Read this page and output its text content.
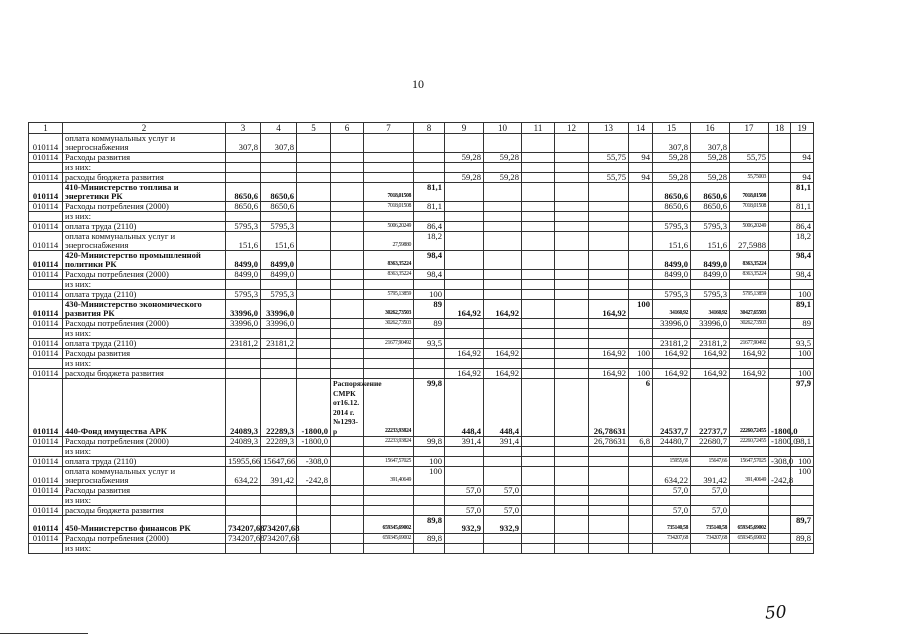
10
1	2	3	4	5	6	7	8	9	10	11	12	13	14	15	16	17	18	19
010114	оплата коммунальных услуг и энергоснабжения	307,8	307,8											307,8	307,8			
010114	Расходы развития							59,28	59,28			55,75	94	59,28	59,28	55,75		94
	из них:																	
010114	расходы бюджета развития							59,28	59,28			55,75	94	59,28	59,28	55,75003		94
010114	410-Министерство топлива и энергетики РК	8650,6	8650,6			7018,01508	81,1							8650,6	8650,6	7018,01508		81,1
010114	Расходы потребления (2000)	8650,6	8650,6			7018,01508	81,1							8650,6	8650,6	7018,01508		81,1
	из них:																	
010114	оплата труда (2110)	5795,3	5795,3			5006,20249	86,4							5795,3	5795,3	5006,20249		86,4
010114	оплата коммунальных услуг и энергоснабжения	151,6	151,6			27,59880	18,2							151,6	151,6	27,5988		18,2
010114	420-Министерство промышленной политики РК	8499,0	8499,0			8363,35224	98,4							8499,0	8499,0	8363,35224		98,4
010114	Расходы потребления (2000)	8499,0	8499,0			8363,35224	98,4							8499,0	8499,0	8363,35224		98,4
	из них:																	
010114	оплата труда (2110)	5795,3	5795,3			5795,13859	100							5795,3	5795,3	5795,13859		100
010114	430-Министерство экономического развития РК	33996,0	33996,0			30262,73503	89	164,92	164,92			164,92	100	34160,92	34160,92	30427,65503		89,1
010114	Расходы потребления (2000)	33996,0	33996,0			30262,73503	89							33996,0	33996,0	30262,73503		89
	из них:																	
010114	оплата труда (2110)	23181,2	23181,2			21677,90492	93,5							23181,2	23181,2	21677,90492		93,5
010114	Расходы развития							164,92	164,92			164,92	100	164,92	164,92	164,92		100
	из них:																	
010114	расходы бюджета развития							164,92	164,92			164,92	100	164,92	164,92	164,92		100
010114	440-Фонд имущества АРК	24089,3	22289,3	-1800,0	Распоряжение СМРК от16.12. 2014 г. №1293-р	22233,93824	99,8	448,4	448,4			26,78631	6	24537,7	22737,7	22260,72455	-1800,0	97,9
010114	Расходы потребления (2000)	24089,3	22289,3	-1800,0		22233,93824	99,8	391,4	391,4			26,78631	6,8	24480,7	22680,7	22260,72455	-1800,0	98,1
	из них:																	
010114	оплата труда (2110)	15955,66	15647,66	-308,0		15647,57025	100							15955,66	15647,66	15647,57025	-308,0	100
010114	оплата коммунальных услуг и энергоснабжения	634,22	391,42	-242,8		391,40649	100							634,22	391,42	391,40649	-242,8	100
010114	Расходы развития							57,0	57,0					57,0	57,0			
	из них:																	
010114	расходы бюджета развития							57,0	57,0					57,0	57,0			
010114	450-Министерство финансов РК	734207,68	734207,68			659345,69002	89,8	932,9	932,9					735140,58	735140,58	659345,69002		89,7
010114	Расходы потребления (2000)	734207,68	734207,68			659345,69002	89,8							734207,68	734207,68	659345,69002		89,8
	из них:																	
50
